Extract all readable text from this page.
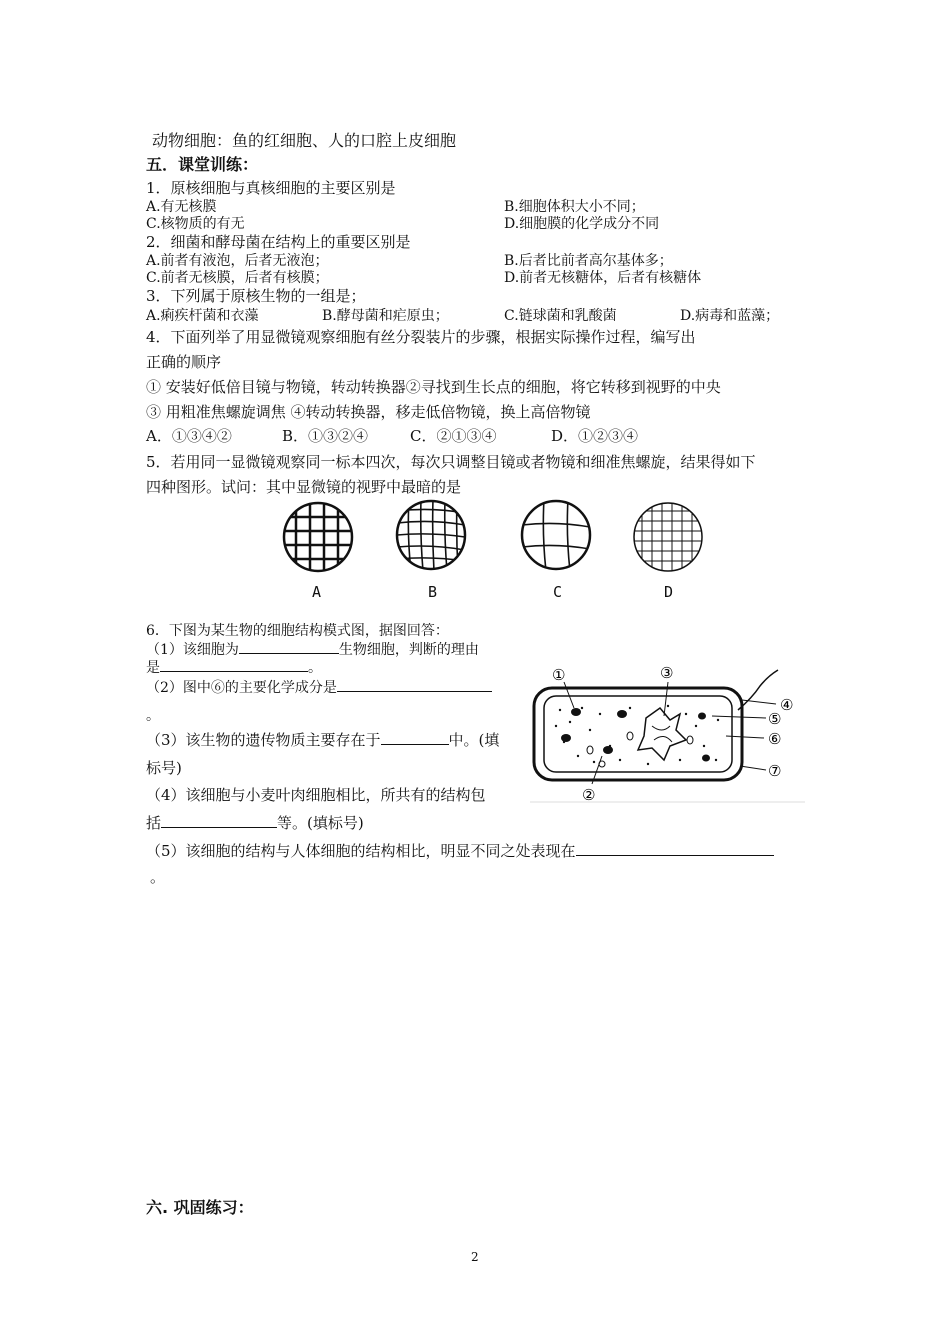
动物细胞：鱼的红细胞、人的口腔上皮细胞
五．课堂训练：
1．原核细胞与真核细胞的主要区别是
A.有无核膜	B.细胞体积大小不同；
C.核物质的有无	D.细胞膜的化学成分不同
2．细菌和酵母菌在结构上的重要区别是
A.前者有液泡，后者无液泡；	B.后者比前者高尔基体多；
C.前者无核膜，后者有核膜；	D.前者无核糖体，后者有核糖体
3．下列属于原核生物的一组是；
A.痢疾杆菌和衣藻	B.酵母菌和疟原虫；	C.链球菌和乳酸菌	D.病毒和蓝藻；
4．下面列举了用显微镜观察细胞有丝分裂装片的步骤，根据实际操作过程，编写出
正确的顺序
① 安装好低倍目镜与物镜，转动转换器②寻找到生长点的细胞，将它转移到视野的中央
③ 用粗准焦螺旋调焦 ④转动转换器，移走低倍物镜，换上高倍物镜
A．①③④②	B．①③②④	C．②①③④	D．①②③④
5．若用同一显微镜观察同一标本四次，每次只调整目镜或者物镜和细准焦螺旋，结果得如下
四种图形。试问：其中显微镜的视野中最暗的是
A	B	C	D
6．下图为某生物的细胞结构模式图，据图回答：
（1）该细胞为	生物细胞，判断的理由
是	。
（2）图中⑥的主要化学成分是
。
（3）该生物的遗传物质主要存在于	中。(填
标号)
（4）该细胞与小麦叶肉细胞相比，所共有的结构包
括	等。(填标号)
（5）该细胞的结构与人体细胞的结构相比，明显不同之处表现在
。
①
②
③
④
⑤
⑥
⑦
六. 巩固练习：
2
